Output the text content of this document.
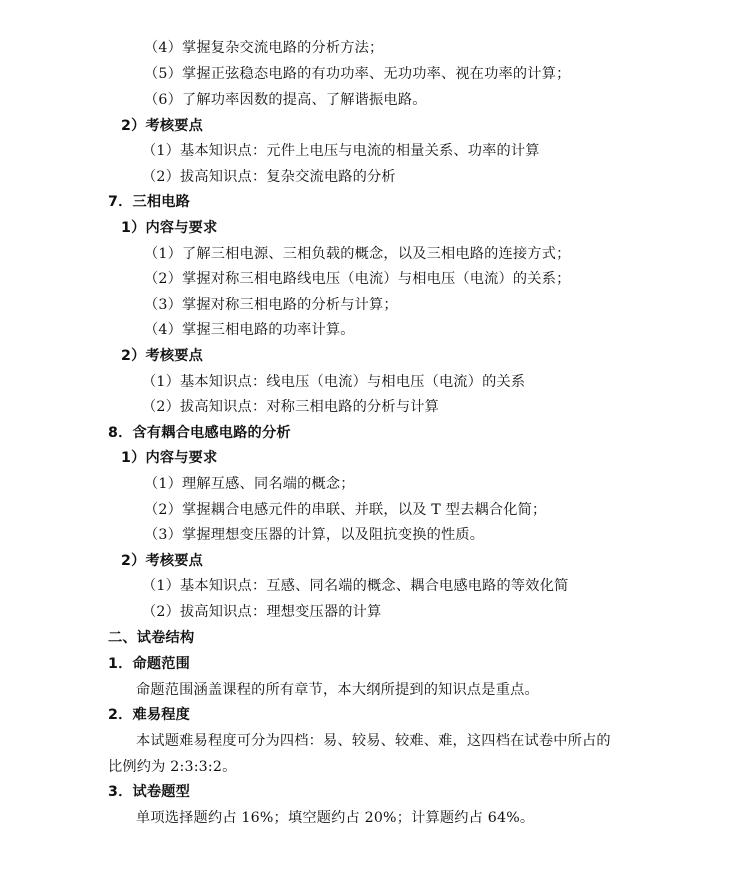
（4）掌握复杂交流电路的分析方法；
（5）掌握正弦稳态电路的有功功率、无功功率、视在功率的计算；
（6）了解功率因数的提高、了解谐振电路。
2）考核要点
（1）基本知识点：元件上电压与电流的相量关系、功率的计算
（2）拔高知识点：复杂交流电路的分析
7．三相电路
1）内容与要求
（1）了解三相电源、三相负载的概念，以及三相电路的连接方式；
（2）掌握对称三相电路线电压（电流）与相电压（电流）的关系；
（3）掌握对称三相电路的分析与计算；
（4）掌握三相电路的功率计算。
2）考核要点
（1）基本知识点：线电压（电流）与相电压（电流）的关系
（2）拔高知识点：对称三相电路的分析与计算
8．含有耦合电感电路的分析
1）内容与要求
（1）理解互感、同名端的概念；
（2）掌握耦合电感元件的串联、并联，以及 T 型去耦合化简；
（3）掌握理想变压器的计算，以及阻抗变换的性质。
2）考核要点
（1）基本知识点：互感、同名端的概念、耦合电感电路的等效化简
（2）拔高知识点：理想变压器的计算
二、试卷结构
1．命题范围
命题范围涵盖课程的所有章节，本大纲所提到的知识点是重点。
2．难易程度
本试题难易程度可分为四档：易、较易、较难、难，这四档在试卷中所占的
比例约为 2:3:3:2。
3．试卷题型
单项选择题约占 16%；填空题约占 20%；计算题约占 64%。
